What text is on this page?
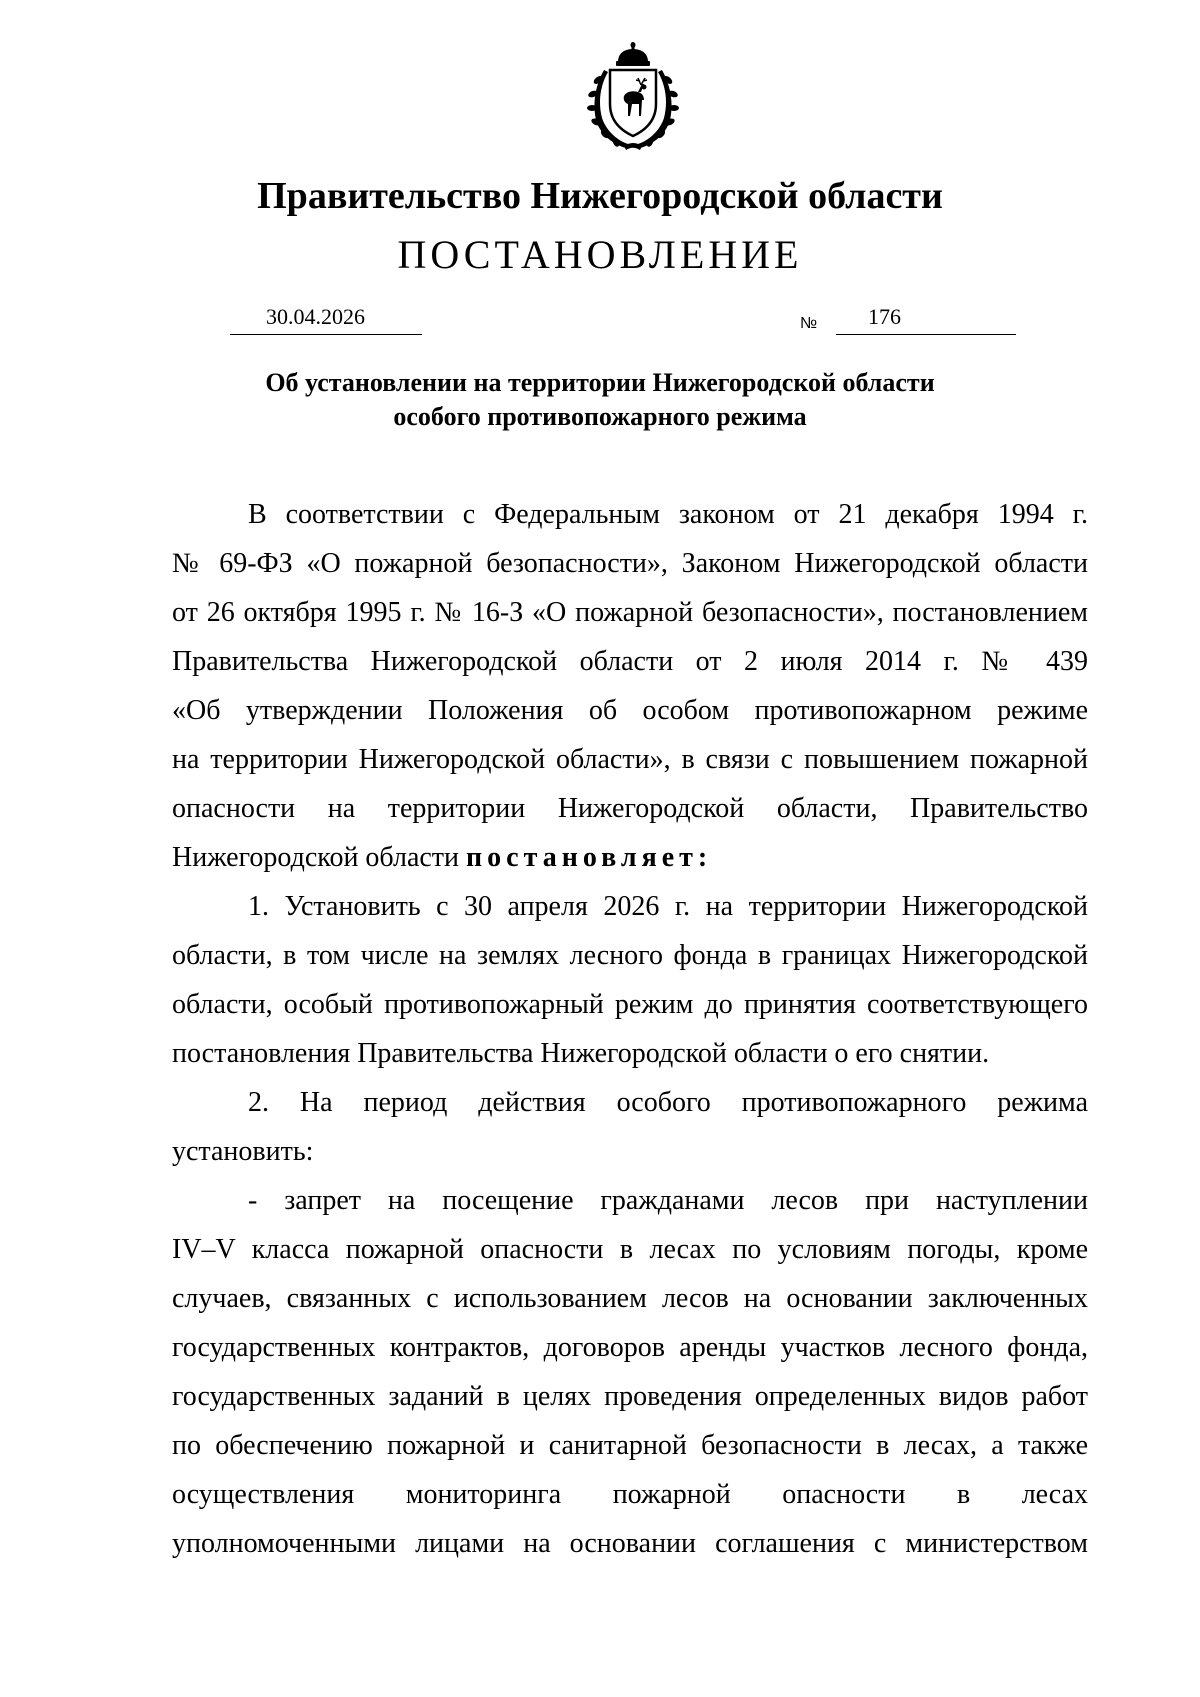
Правительство Нижегородской области
ПОСТАНОВЛЕНИЕ
30.04.2026	№ 176
Об установлении на территории Нижегородской области
особого противопожарного режима
В соответствии с Федеральным законом от 21 декабря 1994 г.
№ 69-ФЗ «О пожарной безопасности», Законом Нижегородской области
от 26 октября 1995 г. № 16-З «О пожарной безопасности», постановлением
Правительства Нижегородской области от 2 июля 2014 г. № 439
«Об утверждении Положения об особом противопожарном режиме
на территории Нижегородской области», в связи с повышением пожарной
опасности на территории Нижегородской области, Правительство
Нижегородской области постановляет:
1. Установить с 30 апреля 2026 г. на территории Нижегородской
области, в том числе на землях лесного фонда в границах Нижегородской
области, особый противопожарный режим до принятия соответствующего
постановления Правительства Нижегородской области о его снятии.
2. На период действия особого противопожарного режима
установить:
- запрет на посещение гражданами лесов при наступлении
IV–V класса пожарной опасности в лесах по условиям погоды, кроме
случаев, связанных с использованием лесов на основании заключенных
государственных контрактов, договоров аренды участков лесного фонда,
государственных заданий в целях проведения определенных видов работ
по обеспечению пожарной и санитарной безопасности в лесах, а также
осуществления мониторинга пожарной опасности в лесах
уполномоченными лицами на основании соглашения с министерством
